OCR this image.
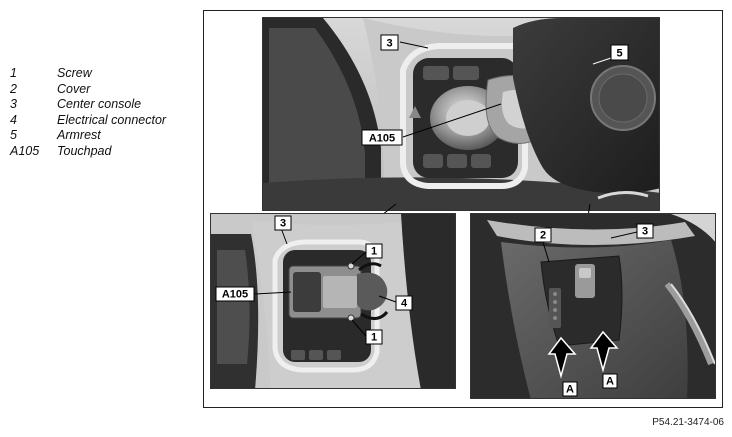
1	Screw
2	Cover
3	Center console
4	Electrical connector
5	Armrest
A105 Touchpad
3
5
A105
3
1
4
1
A105
2	3
A
A
P54.21-3474-06
